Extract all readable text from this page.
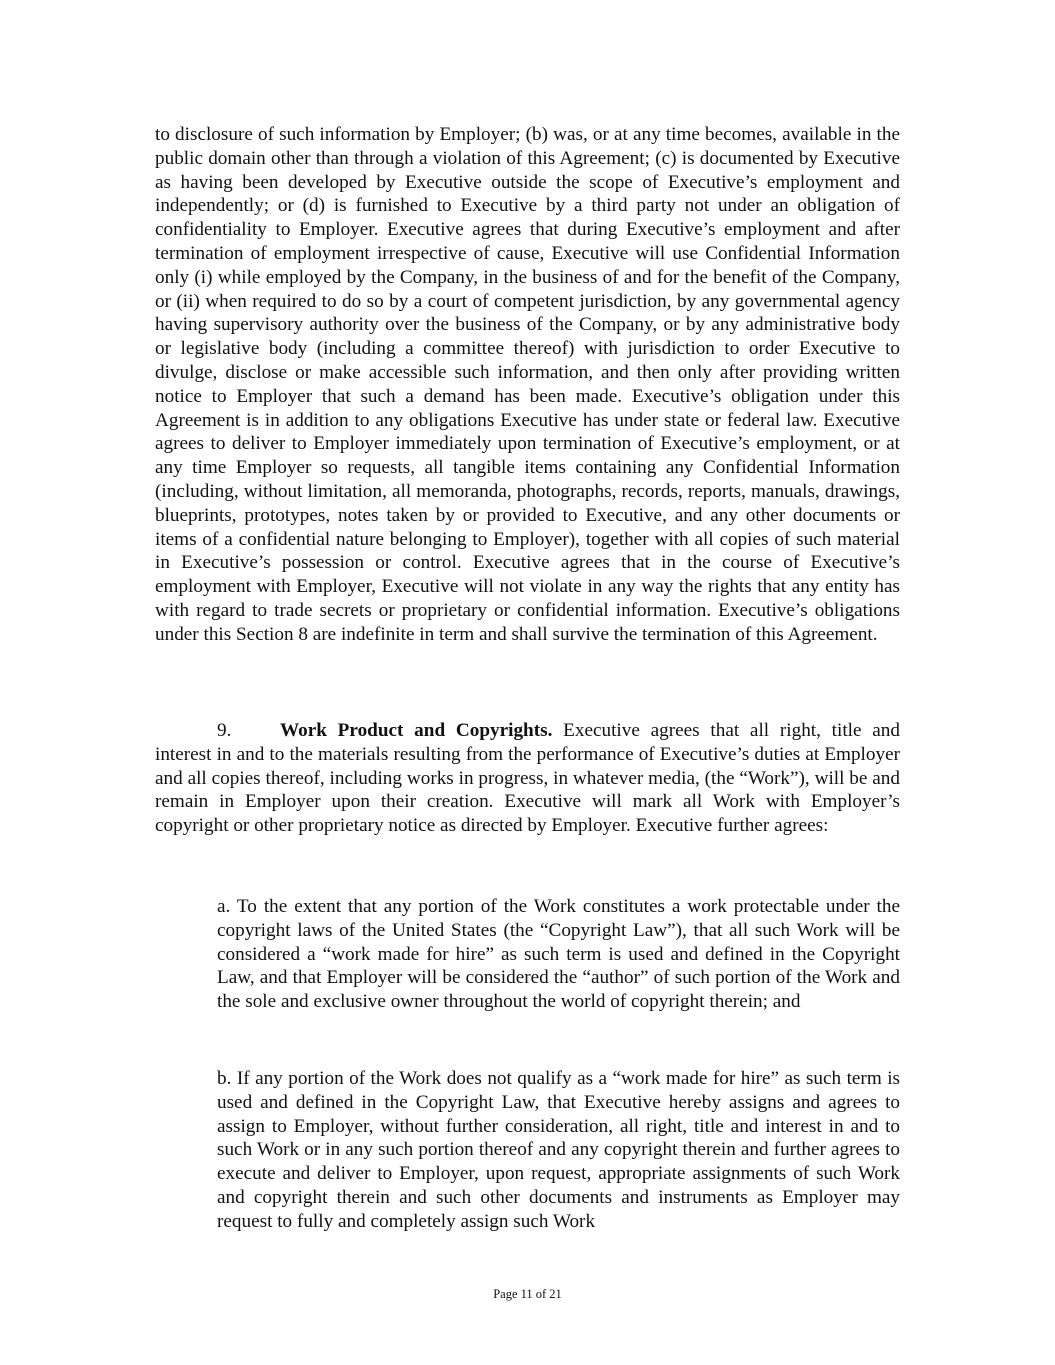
to disclosure of such information by Employer; (b) was, or at any time becomes, available in the public domain other than through a violation of this Agreement; (c) is documented by Executive as having been developed by Executive outside the scope of Executive’s employment and independently; or (d) is furnished to Executive by a third party not under an obligation of confidentiality to Employer. Executive agrees that during Executive’s employment and after termination of employment irrespective of cause, Executive will use Confidential Information only (i) while employed by the Company, in the business of and for the benefit of the Company, or (ii) when required to do so by a court of competent jurisdiction, by any governmental agency having supervisory authority over the business of the Company, or by any administrative body or legislative body (including a committee thereof) with jurisdiction to order Executive to divulge, disclose or make accessible such information, and then only after providing written notice to Employer that such a demand has been made. Executive’s obligation under this Agreement is in addition to any obligations Executive has under state or federal law. Executive agrees to deliver to Employer immediately upon termination of Executive’s employment, or at any time Employer so requests, all tangible items containing any Confidential Information (including, without limitation, all memoranda, photographs, records, reports, manuals, drawings, blueprints, prototypes, notes taken by or provided to Executive, and any other documents or items of a confidential nature belonging to Employer), together with all copies of such material in Executive’s possession or control. Executive agrees that in the course of Executive’s employment with Employer, Executive will not violate in any way the rights that any entity has with regard to trade secrets or proprietary or confidential information. Executive’s obligations under this Section 8 are indefinite in term and shall survive the termination of this Agreement.

9.	Work Product and Copyrights. Executive agrees that all right, title and interest in and to the materials resulting from the performance of Executive’s duties at Employer and all copies thereof, including works in progress, in whatever media, (the “Work”), will be and remain in Employer upon their creation. Executive will mark all Work with Employer’s copyright or other proprietary notice as directed by Employer. Executive further agrees:

a. To the extent that any portion of the Work constitutes a work protectable under the copyright laws of the United States (the “Copyright Law”), that all such Work will be considered a “work made for hire” as such term is used and defined in the Copyright Law, and that Employer will be considered the “author” of such portion of the Work and the sole and exclusive owner throughout the world of copyright therein; and

b. If any portion of the Work does not qualify as a “work made for hire” as such term is used and defined in the Copyright Law, that Executive hereby assigns and agrees to assign to Employer, without further consideration, all right, title and interest in and to such Work or in any such portion thereof and any copyright therein and further agrees to execute and deliver to Employer, upon request, appropriate assignments of such Work and copyright therein and such other documents and instruments as Employer may request to fully and completely assign such Work

Page 11 of 21
